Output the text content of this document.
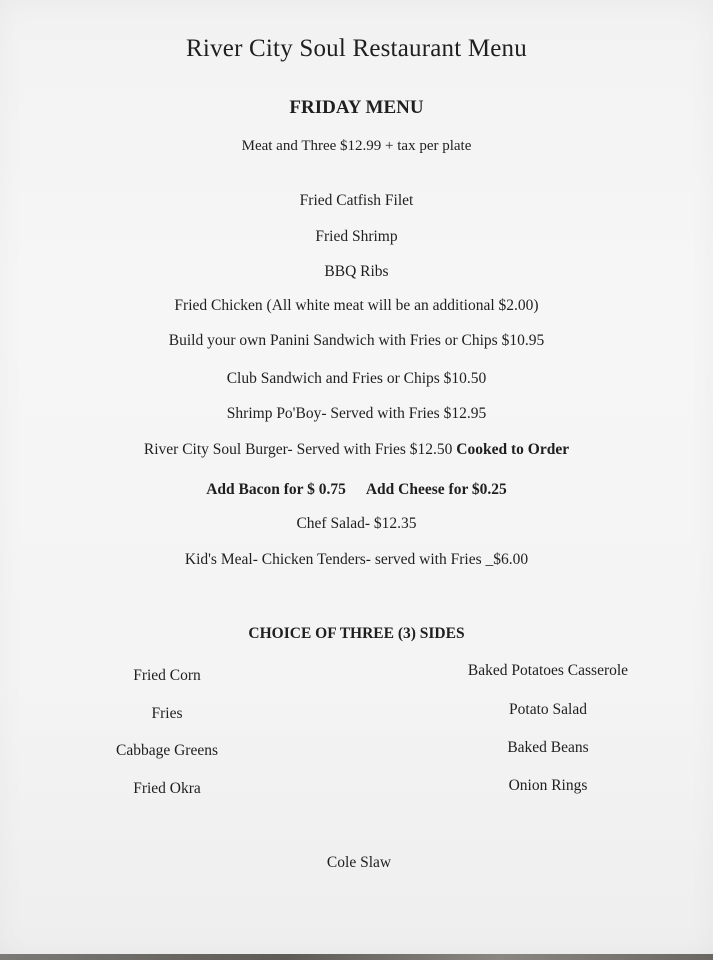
River City Soul Restaurant Menu
FRIDAY MENU
Meat and Three $12.99 + tax per plate
Fried Catfish Filet
Fried Shrimp
BBQ Ribs
Fried Chicken (All white meat will be an additional $2.00)
Build your own Panini Sandwich with Fries or Chips $10.95
Club Sandwich and Fries or Chips $10.50
Shrimp Po'Boy- Served with Fries $12.95
River City Soul Burger- Served with Fries $12.50 Cooked to Order
Add Bacon for $ 0.75 Add Cheese for $0.25
Chef Salad- $12.35
Kid's Meal- Chicken Tenders- served with Fries _$6.00
CHOICE OF THREE (3) SIDES
Fried Corn
Fries
Cabbage Greens
Fried Okra
Baked Potatoes Casserole
Potato Salad
Baked Beans
Onion Rings
Cole Slaw
